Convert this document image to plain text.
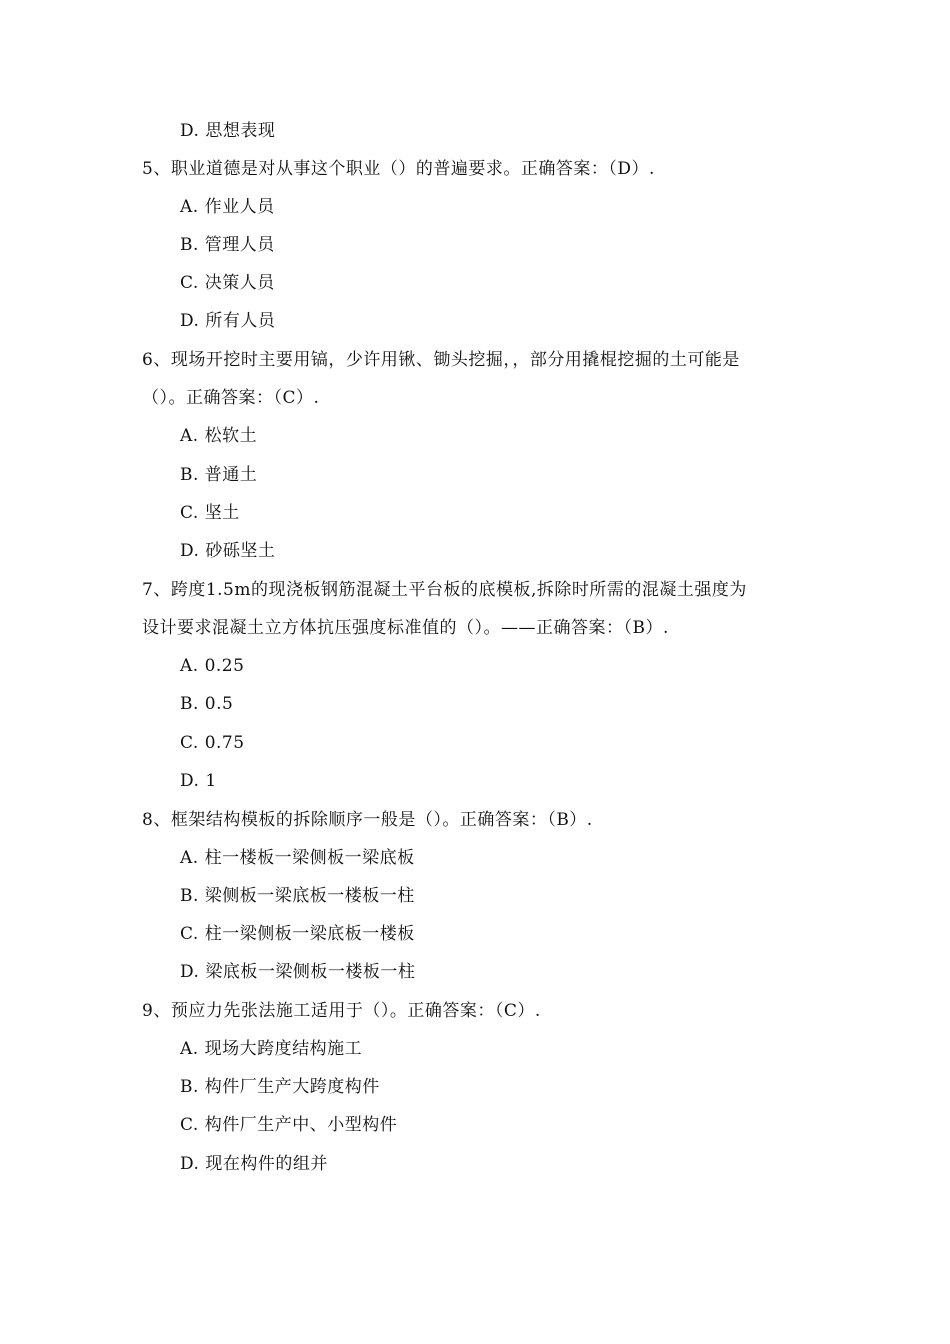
D. 思想表现
5、职业道德是对从事这个职业（）的普遍要求。正确答案：（D）.
A. 作业人员
B. 管理人员
C. 决策人员
D. 所有人员
6、现场开挖时主要用镐，少许用锹、锄头挖掘，，部分用撬棍挖掘的土可能是
（）。正确答案：（C）.
A. 松软土
B. 普通土
C. 坚土
D. 砂砾坚土
7、跨度1.5m的现浇板钢筋混凝土平台板的底模板,拆除时所需的混凝土强度为
设计要求混凝土立方体抗压强度标准值的（）。——正确答案：（B）.
A. 0.25
B. 0.5
C. 0.75
D. 1
8、框架结构模板的拆除顺序一般是（）。正确答案：（B）.
A. 柱一楼板一梁侧板一梁底板
B. 梁侧板一梁底板一楼板一柱
C. 柱一梁侧板一梁底板一楼板
D. 梁底板一梁侧板一楼板一柱
9、预应力先张法施工适用于（）。正确答案：（C）.
A. 现场大跨度结构施工
B. 构件厂生产大跨度构件
C. 构件厂生产中、小型构件
D. 现在构件的组并
